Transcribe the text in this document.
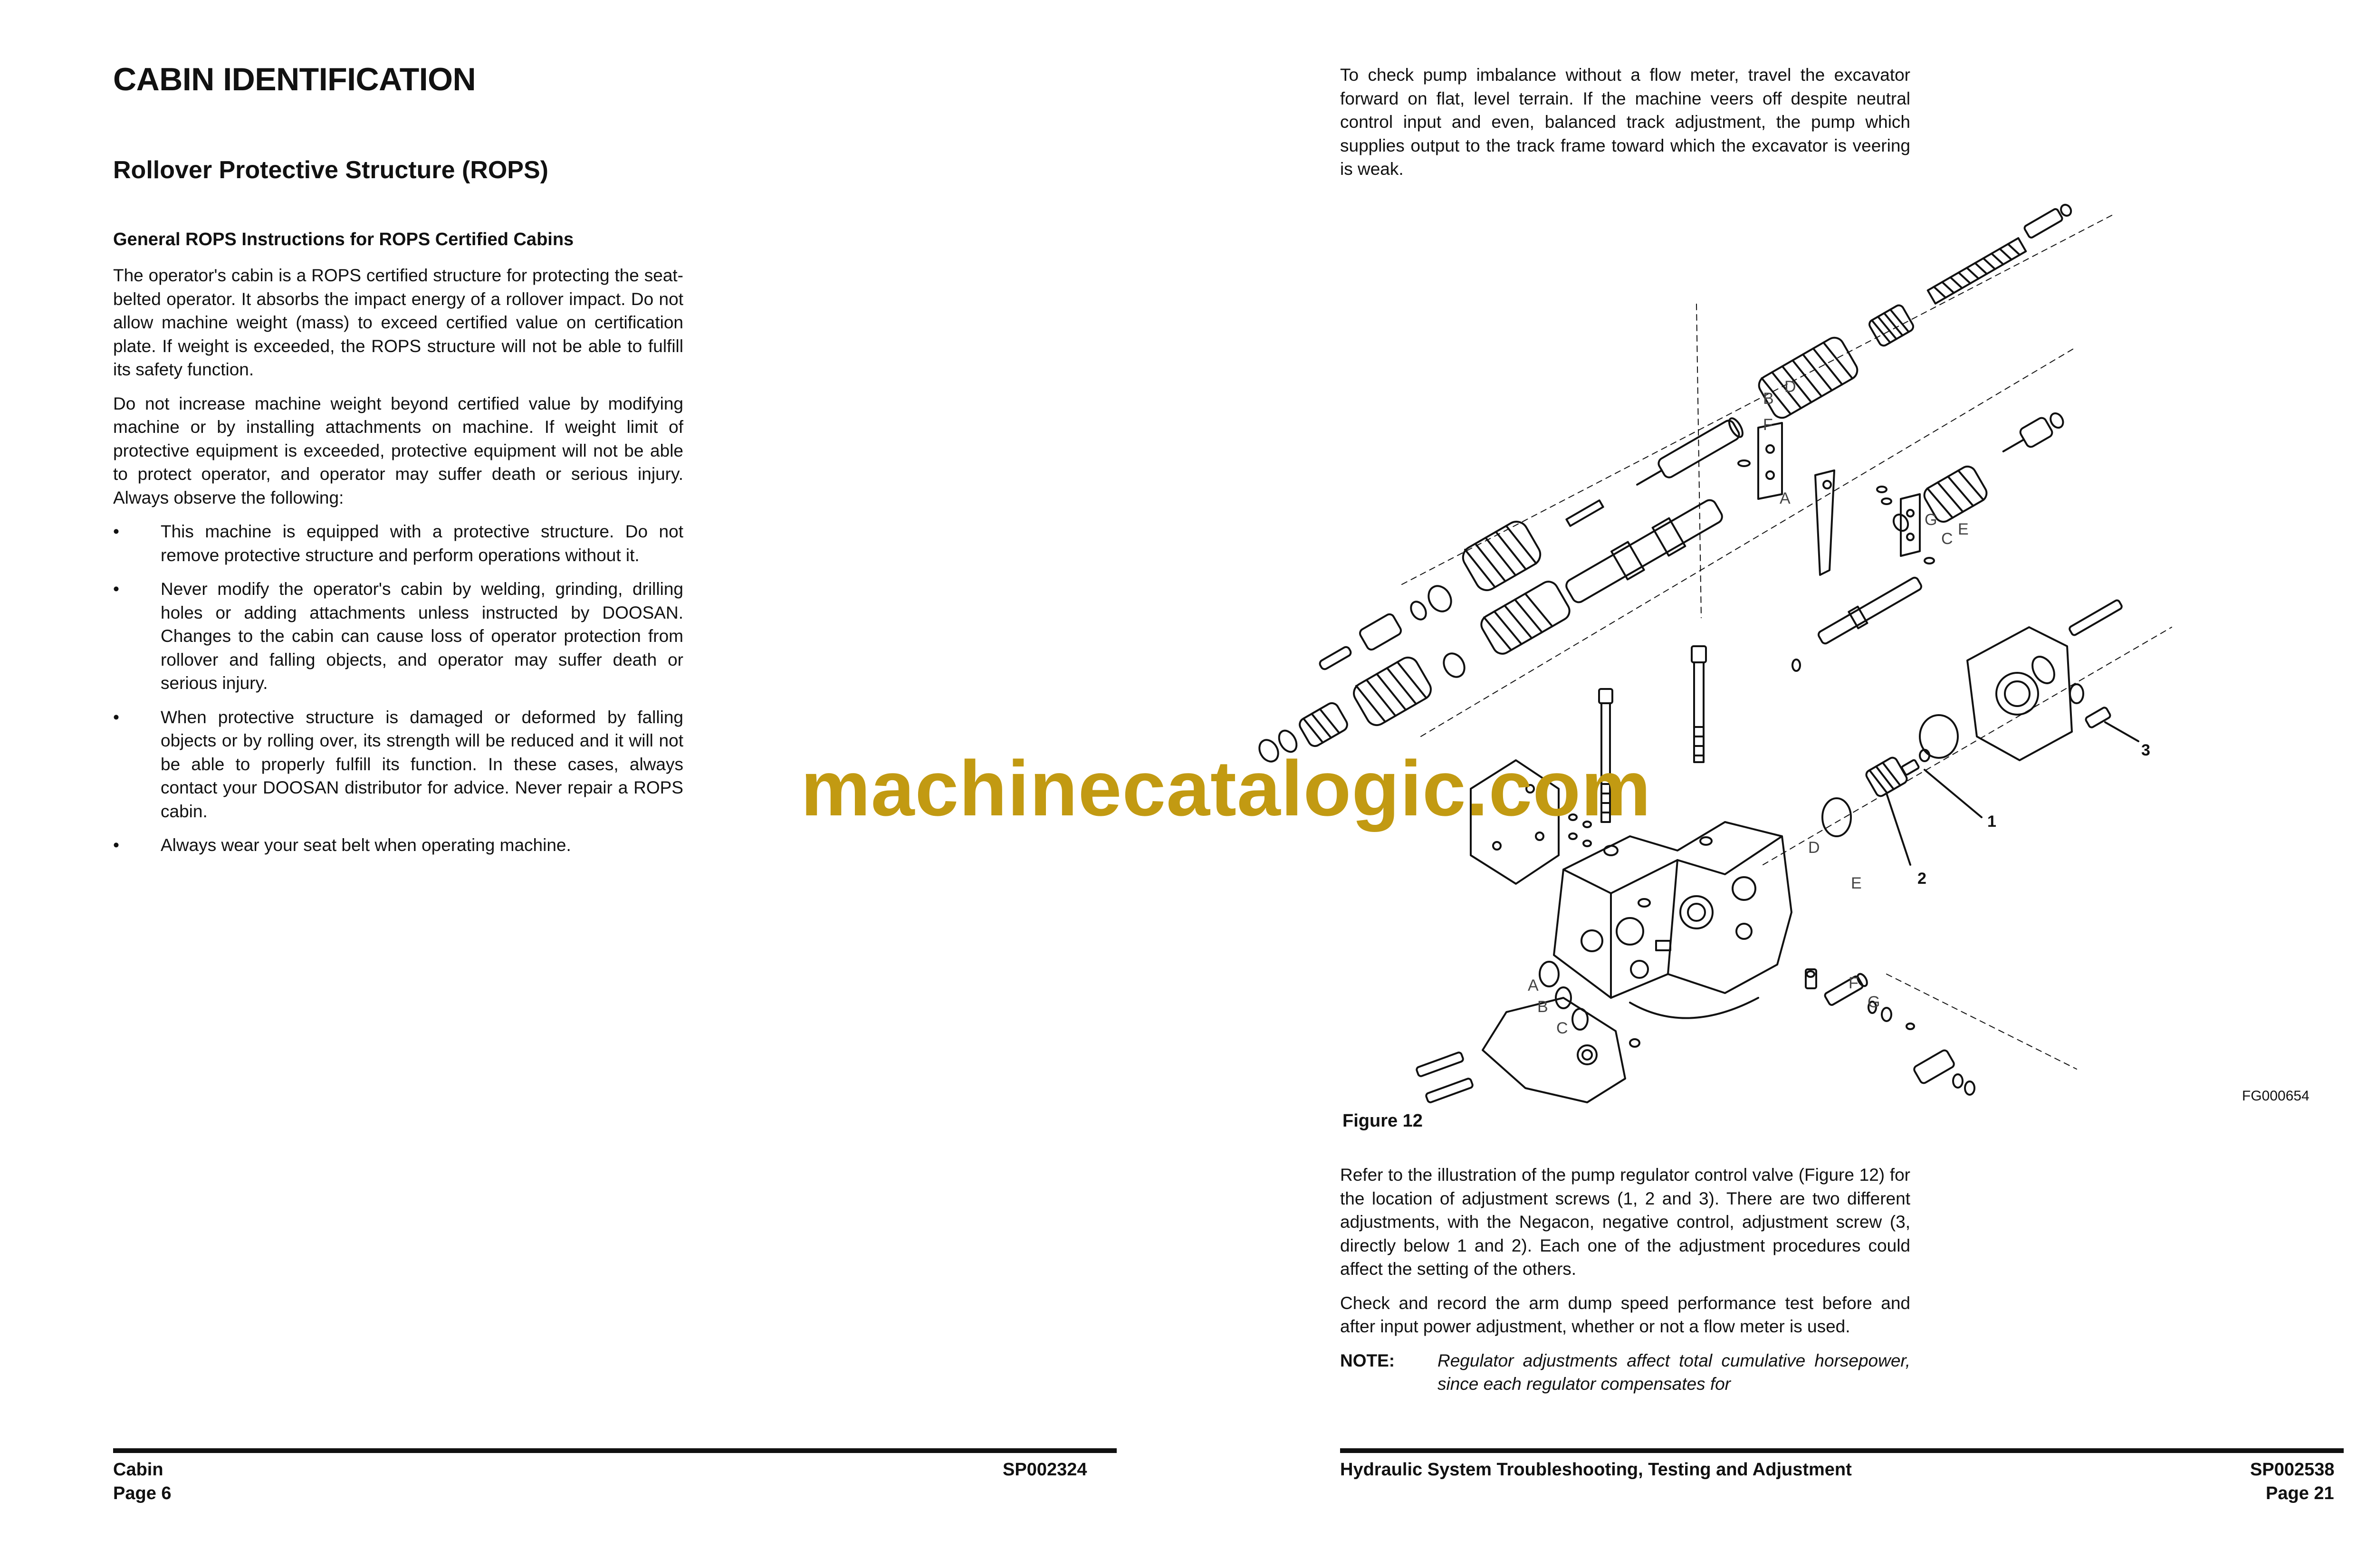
CABIN IDENTIFICATION
Rollover Protective Structure (ROPS)
General ROPS Instructions for ROPS Certified Cabins

The operator's cabin is a ROPS certified structure for protecting the seat-belted operator. It absorbs the impact energy of a rollover impact. Do not allow machine weight (mass) to exceed certified value on certification plate. If weight is exceeded, the ROPS structure will not be able to fulfill its safety function.

Do not increase machine weight beyond certified value by modifying machine or by installing attachments on machine. If weight limit of protective equipment is exceeded, protective equipment will not be able to protect operator, and operator may suffer death or serious injury. Always observe the following:

• This machine is equipped with a protective structure. Do not remove protective structure and perform operations without it.
• Never modify the operator's cabin by welding, grinding, drilling holes or adding attachments unless instructed by DOOSAN. Changes to the cabin can cause loss of operator protection from rollover and falling objects, and operator may suffer death or serious injury.
• When protective structure is damaged or deformed by falling objects or by rolling over, its strength will be reduced and it will not be able to properly fulfill its function. In these cases, always contact your DOOSAN distributor for advice. Never repair a ROPS cabin.
• Always wear your seat belt when operating machine.
Cabin
Page 6
SP002324

To check pump imbalance without a flow meter, travel the excavator forward on flat, level terrain. If the machine veers off despite neutral control input and even, balanced track adjustment, the pump which supplies output to the track frame toward which the excavator is veering is weak.

B
D
F
A
G
C
E
D
E
F
G
A
B
C
1
2
3
FG000654
Figure 12

Refer to the illustration of the pump regulator control valve (Figure 12) for the location of adjustment screws (1, 2 and 3). There are two different adjustments, with the Negacon, negative control, adjustment screw (3, directly below 1 and 2). Each one of the adjustment procedures could affect the setting of the others.

Check and record the arm dump speed performance test before and after input power adjustment, whether or not a flow meter is used.

NOTE:	Regulator adjustments affect total cumulative horsepower, since each regulator compensates for
Hydraulic System Troubleshooting, Testing and Adjustment	SP002538
Page 21
machinecatalogic.com
